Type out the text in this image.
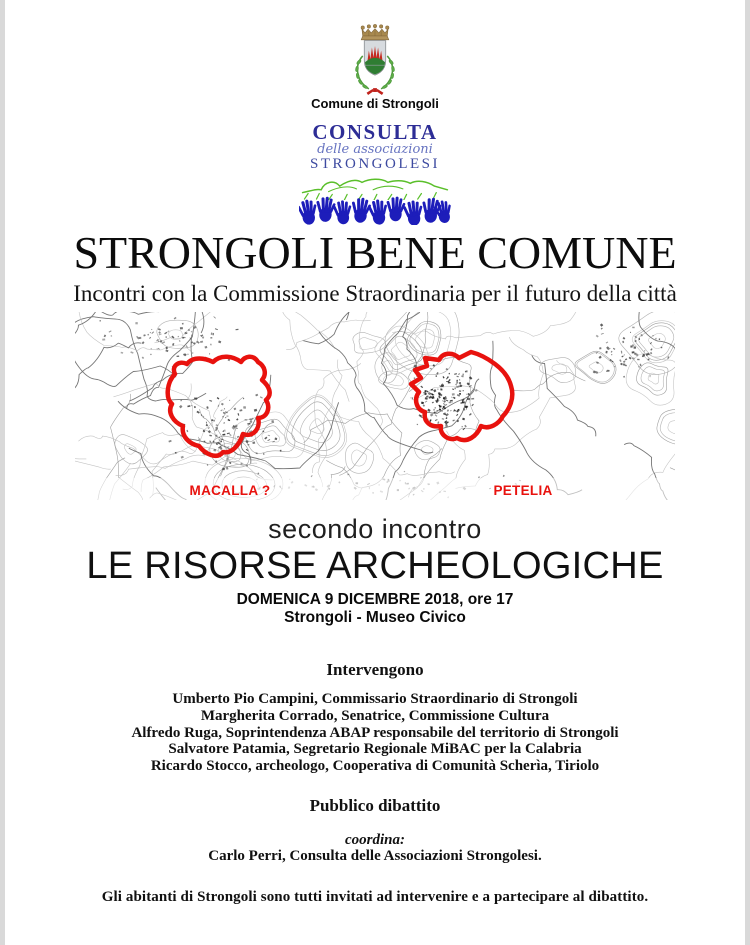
Comune di Strongoli
CONSULTA
delle associazioni
STRONGOLESI
STRONGOLI BENE COMUNE
Incontri con la Commissione Straordinaria per il futuro della città
MACALLA ?	PETELIA
secondo incontro
LE RISORSE ARCHEOLOGICHE
DOMENICA 9 DICEMBRE 2018, ore 17
Strongoli - Museo Civico
Intervengono
Umberto Pio Campini, Commissario Straordinario di Strongoli
Margherita Corrado, Senatrice, Commissione Cultura
Alfredo Ruga, Soprintendenza ABAP responsabile del territorio di Strongoli
Salvatore Patamia, Segretario Regionale MiBAC per la Calabria
Ricardo Stocco, archeologo, Cooperativa di Comunità Scherìa, Tiriolo
Pubblico dibattito
coordina:
Carlo Perri, Consulta delle Associazioni Strongolesi.
Gli abitanti di Strongoli sono tutti invitati ad intervenire e a partecipare al dibattito.
